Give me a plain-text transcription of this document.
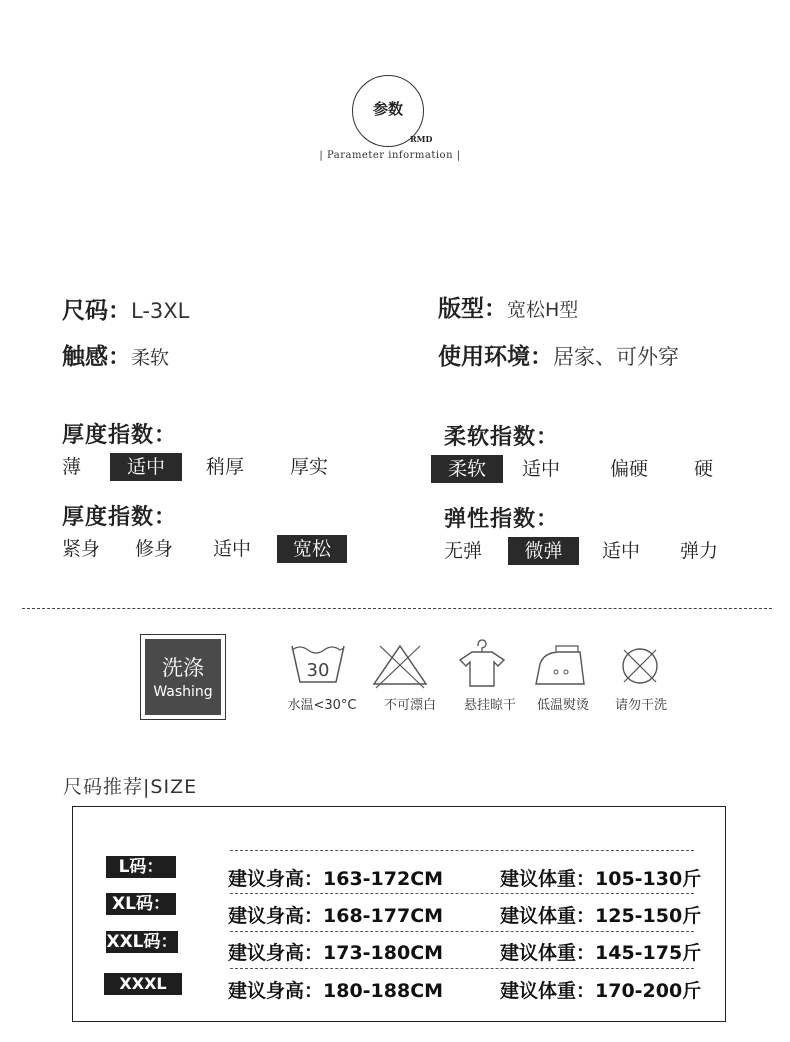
参数
RMD
| Parameter information |
尺码：L-3XL	版型：宽松H型
触感：柔软	使用环境：居家、可外穿
厚度指数：
薄	适中	稍厚 厚实
柔软指数：
柔软	适中	偏硬 硬
厚度指数：
紧身 修身 适中	宽松
弹性指数：
无弹	微弹	适中 弹力
洗涤
Washing
30
水温<30°C	不可漂白	悬挂晾干	低温熨烫	请勿干洗
尺码推荐|SIZE
L码：
建议身高：163-172CM	建议体重：105-130斤
XL码：
建议身高：168-177CM	建议体重：125-150斤
XXL码：	建议身高：173-180CM	建议体重：145-175斤
XXXL码：
建议身高：180-188CM	建议体重：170-200斤
